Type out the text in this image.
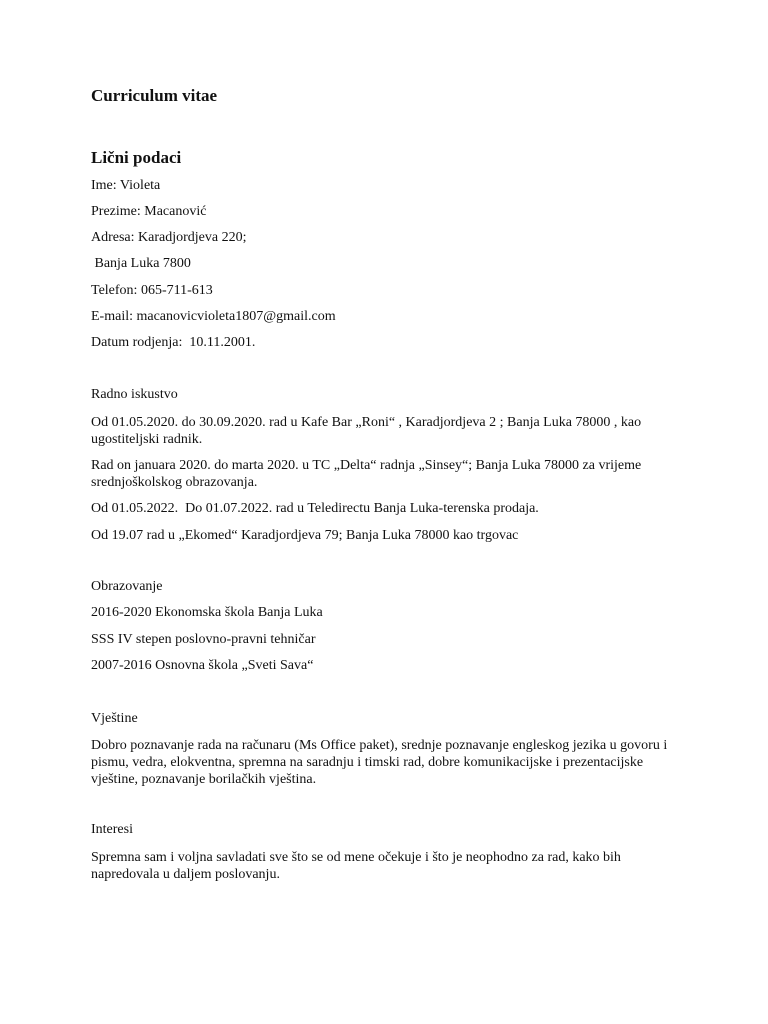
Curriculum vitae
Lični podaci
Ime: Violeta
Prezime: Macanović
Adresa: Karadjordjeva 220;
Banja Luka 7800
Telefon: 065-711-613
E-mail: macanovicvioleta1807@gmail.com
Datum rodjenja:  10.11.2001.
Radno iskustvo
Od 01.05.2020. do 30.09.2020. rad u Kafe Bar „Roni“ , Karadjordjeva 2 ; Banja Luka 78000 , kao ugostiteljski radnik.
Rad on januara 2020. do marta 2020. u TC „Delta“ radnja „Sinsey“; Banja Luka 78000 za vrijeme srednjoškolskog obrazovanja.
Od 01.05.2022.  Do 01.07.2022. rad u Teledirectu Banja Luka-terenska prodaja.
Od 19.07 rad u „Ekomed“ Karadjordjeva 79; Banja Luka 78000 kao trgovac
Obrazovanje
2016-2020 Ekonomska škola Banja Luka
SSS IV stepen poslovno-pravni tehničar
2007-2016 Osnovna škola „Sveti Sava“
Vještine
Dobro poznavanje rada na računaru (Ms Office paket), srednje poznavanje engleskog jezika u govoru i pismu, vedra, elokventna, spremna na saradnju i timski rad, dobre komunikacijske i prezentacijske vještine, poznavanje borilačkih vještina.
Interesi
Spremna sam i voljna savladati sve što se od mene očekuje i što je neophodno za rad, kako bih napredovala u daljem poslovanju.
